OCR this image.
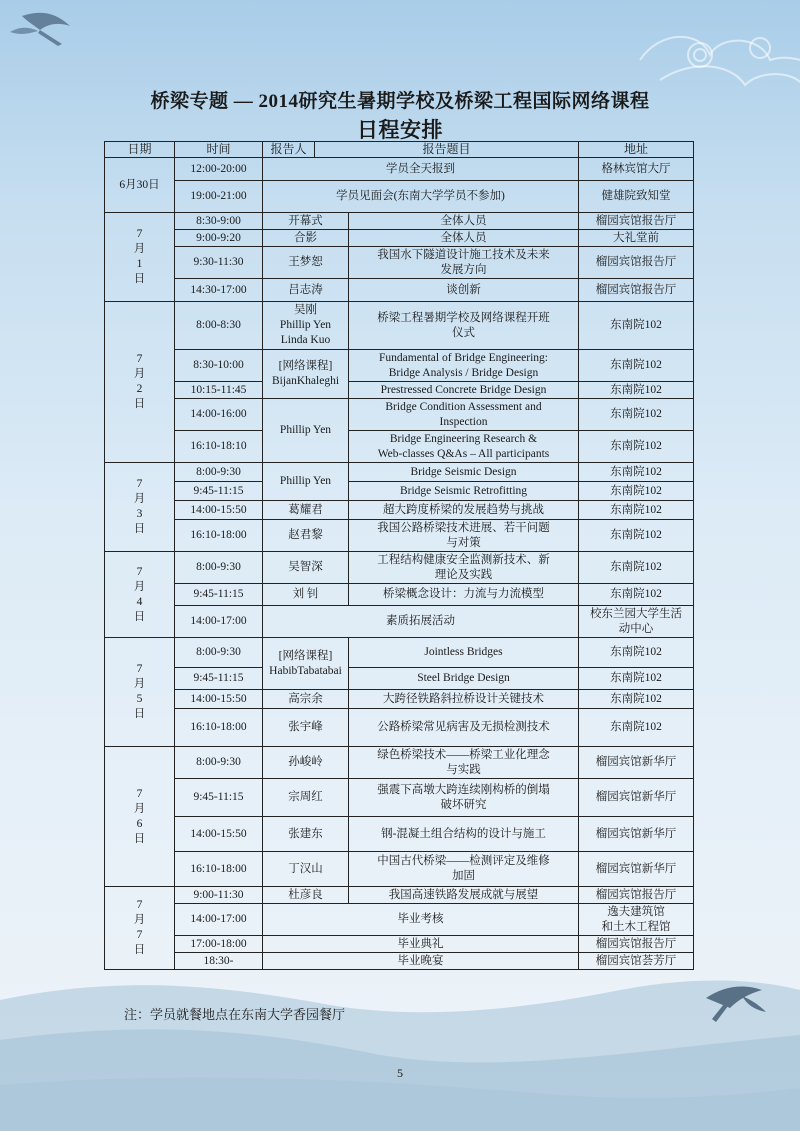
桥梁专题 — 2014研究生暑期学校及桥梁工程国际网络课程
日程安排
日期	时间	报告人	报告题目		地址
6月30日	12:00-20:00	学员全天报到			格林宾馆大厅
	19:00-21:00	学员见面会(东南大学学员不参加)			健雄院致知堂
7月1日	8:30-9:00	开幕式		全体人员	榴园宾馆报告厅
	9:00-9:20	合影		全体人员	大礼堂前
	9:30-11:30	王梦恕		我国水下隧道设计施工技术及未来
发展方向	榴园宾馆报告厅
	14:30-17:00	吕志涛		谈创新	榴园宾馆报告厅
7月2日	8:00-8:30	吴刚
Phillip Yen
Linda Kuo		桥梁工程暑期学校及网络课程开班
仪式	东南院102
	8:30-10:00	[网络课程]
BijanKhaleghi		Fundamental of Bridge Engineering:
Bridge Analysis / Bridge Design	东南院102
	10:15-11:45			Prestressed Concrete Bridge Design	东南院102
	14:00-16:00	Phillip Yen		Bridge Condition Assessment and
Inspection	东南院102
	16:10-18:10			Bridge Engineering Research &
Web-classes Q&As – All participants	东南院102
7月3日	8:00-9:30	Phillip Yen		Bridge Seismic Design	东南院102
	9:45-11:15			Bridge Seismic Retrofitting	东南院102
	14:00-15:50	葛耀君		超大跨度桥梁的发展趋势与挑战	东南院102
	16:10-18:00	赵君黎		我国公路桥梁技术进展、若干问题
与对策	东南院102
7月4日	8:00-9:30	吴智深		工程结构健康安全监测新技术、新
理论及实践	东南院102
	9:45-11:15	刘 钊		桥梁概念设计：力流与力流模型	东南院102
	14:00-17:00	素质拓展活动			校东兰园大学生活
动中心
7月5日	8:00-9:30	[网络课程]
HabibTabatabai		Jointless Bridges	东南院102
	9:45-11:15			Steel Bridge Design	东南院102
	14:00-15:50	高宗余		大跨径铁路斜拉桥设计关键技术	东南院102
	16:10-18:00	张宇峰		公路桥梁常见病害及无损检测技术	东南院102
7月6日	8:00-9:30	孙峻岭		绿色桥梁技术——桥梁工业化理念
与实践	榴园宾馆新华厅
	9:45-11:15	宗周红		强震下高墩大跨连续刚构桥的倒塌
破坏研究	榴园宾馆新华厅
	14:00-15:50	张建东		钢-混凝土组合结构的设计与施工	榴园宾馆新华厅
	16:10-18:00	丁汉山		中国古代桥梁——检测评定及维修
加固	榴园宾馆新华厅
7月7日	9:00-11:30	杜彦良		我国高速铁路发展成就与展望	榴园宾馆报告厅
	14:00-17:00	毕业考核			逸夫建筑馆
和土木工程馆
	17:00-18:00	毕业典礼			榴园宾馆报告厅
	18:30-	毕业晚宴			榴园宾馆荟芳厅
注：学员就餐地点在东南大学香园餐厅
5
